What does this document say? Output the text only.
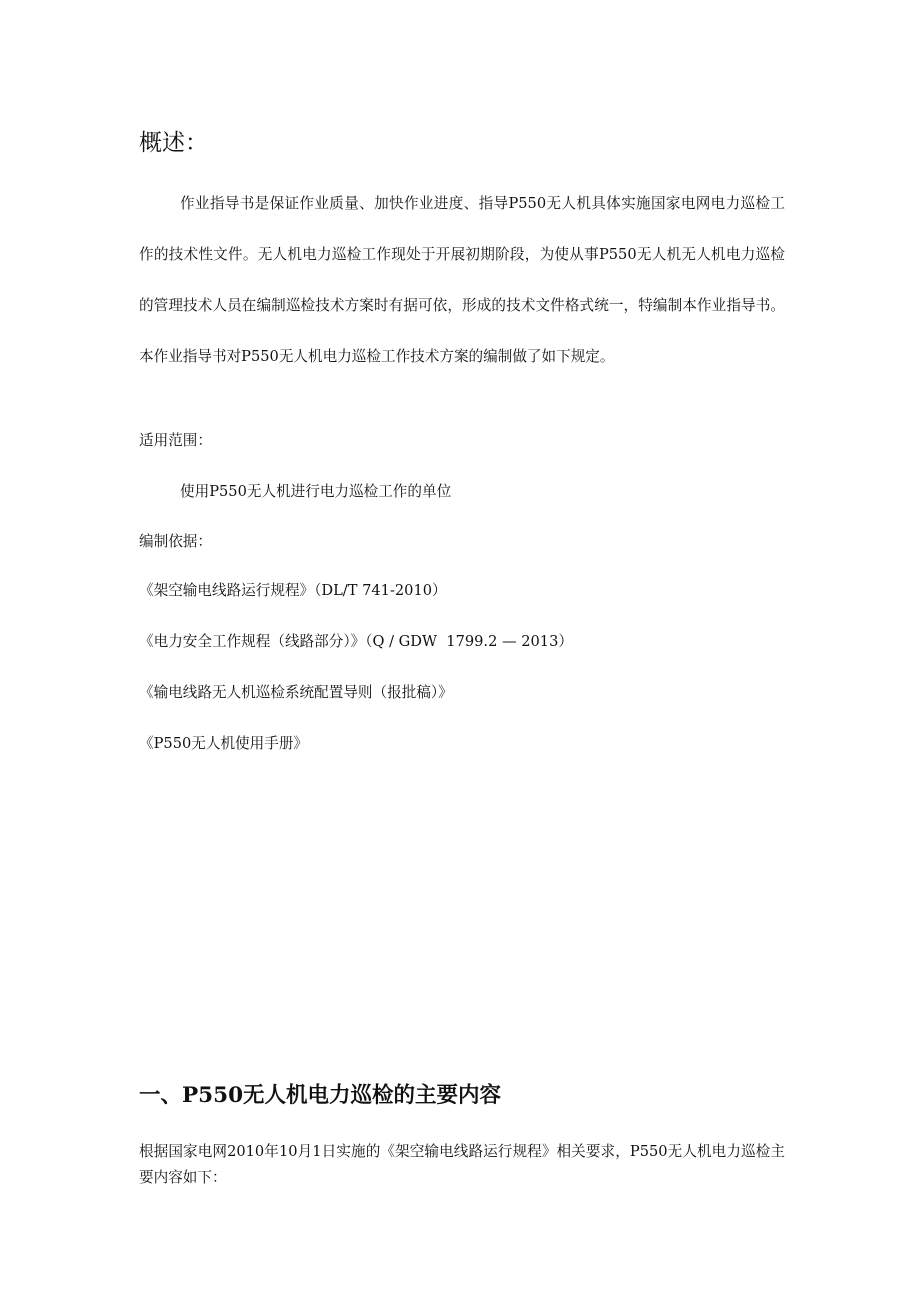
概述：

作业指导书是保证作业质量、加快作业进度、指导P550无人机具体实施国家电网电力巡检工作的技术性文件。无人机电力巡检工作现处于开展初期阶段，为使从事P550无人机无人机电力巡检的管理技术人员在编制巡检技术方案时有据可依，形成的技术文件格式统一，特编制本作业指导书。本作业指导书对P550无人机电力巡检工作技术方案的编制做了如下规定。

适用范围：

使用P550无人机进行电力巡检工作的单位

编制依据：

《架空输电线路运行规程》（DL/T 741-2010）
《电力安全工作规程（线路部分）》（Q / GDW  1799.2 — 2013）
《输电线路无人机巡检系统配置导则（报批稿）》
《P550无人机使用手册》
一、P550无人机电力巡检的主要内容

根据国家电网2010年10月1日实施的《架空输电线路运行规程》相关要求，P550无人机电力巡检主要内容如下：
